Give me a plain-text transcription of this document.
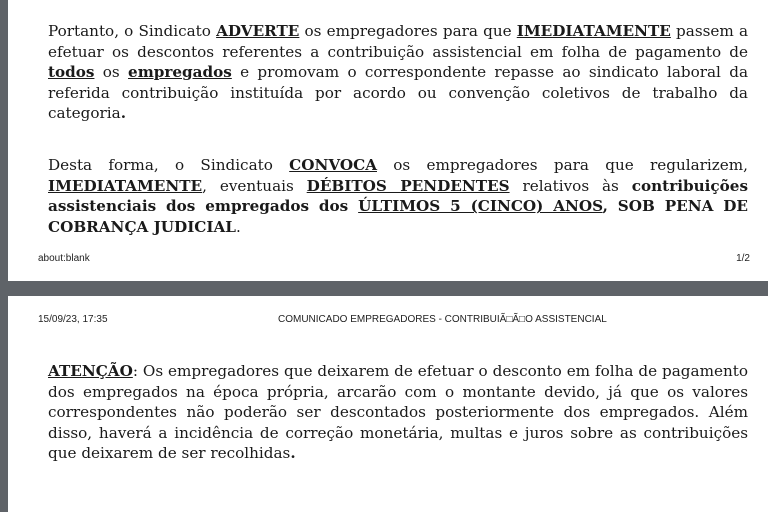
Portanto, o Sindicato ADVERTE os empregadores para que IMEDIATAMENTE passem a efetuar os descontos referentes a contribuição assistencial em folha de pagamento de todos os empregados e promovam o correspondente repasse ao sindicato laboral da referida contribuição instituída por acordo ou convenção coletivos de trabalho da categoria.

Desta forma, o Sindicato CONVOCA os empregadores para que regularizem, IMEDIATAMENTE, eventuais DÉBITOS PENDENTES relativos às contribuições assistenciais dos empregados dos ÚLTIMOS 5 (CINCO) ANOS, SOB PENA DE COBRANÇA JUDICIAL.

about:blank	1/2
15/09/23, 17:35	COMUNICADO EMPREGADORES - CONTRIBUIÃ□Ã□O ASSISTENCIAL

ATENÇÃO: Os empregadores que deixarem de efetuar o desconto em folha de pagamento dos empregados na época própria, arcarão com o montante devido, já que os valores correspondentes não poderão ser descontados posteriormente dos empregados. Além disso, haverá a incidência de correção monetária, multas e juros sobre as contribuições que deixarem de ser recolhidas.
